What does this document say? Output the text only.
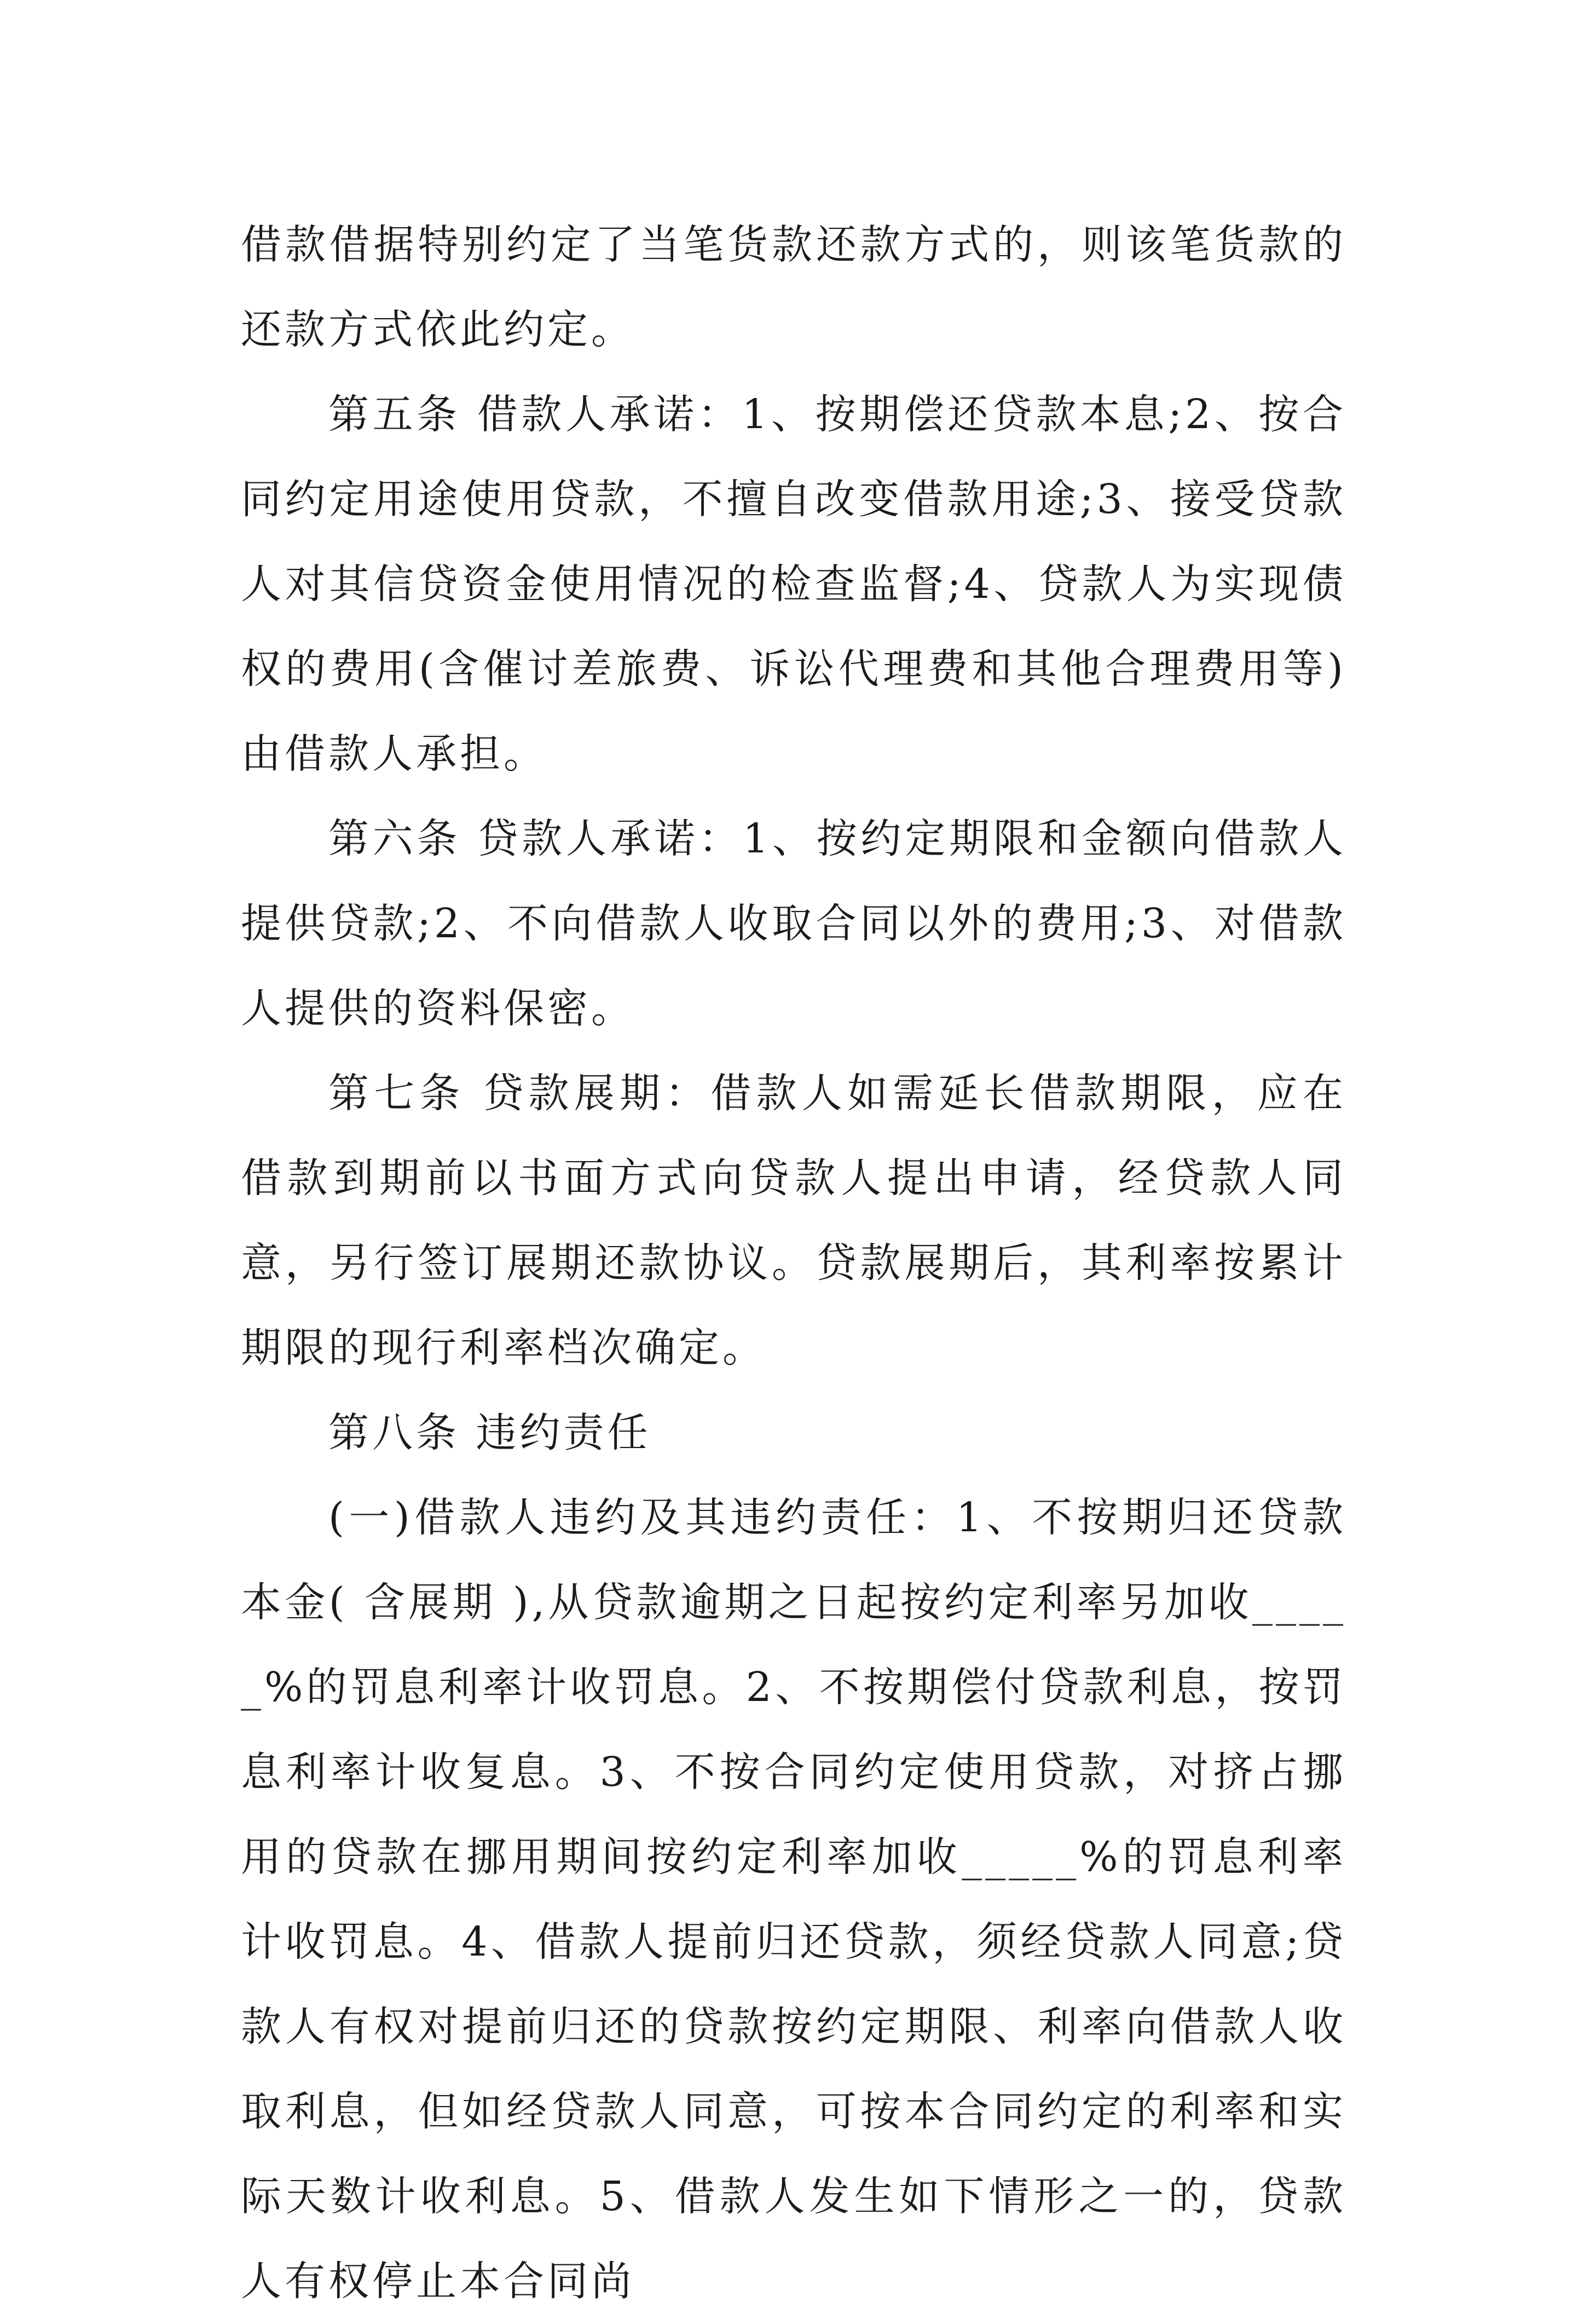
借款借据特别约定了当笔货款还款方式的，则该笔货款的还款方式依此约定。

第五条 借款人承诺：1、按期偿还贷款本息;2、按合同约定用途使用贷款，不擅自改变借款用途;3、接受贷款人对其信贷资金使用情况的检查监督;4、贷款人为实现债权的费用(含催讨差旅费、诉讼代理费和其他合理费用等)由借款人承担。

第六条 贷款人承诺：1、按约定期限和金额向借款人提供贷款;2、不向借款人收取合同以外的费用;3、对借款人提供的资料保密。

第七条 贷款展期：借款人如需延长借款期限，应在借款到期前以书面方式向贷款人提出申请，经贷款人同意，另行签订展期还款协议。贷款展期后，其利率按累计期限的现行利率档次确定。

第八条 违约责任

(一)借款人违约及其违约责任：1、不按期归还贷款本金( 含展期 ),从贷款逾期之日起按约定利率另加收_____%的罚息利率计收罚息。2、不按期偿付贷款利息，按罚息利率计收复息。3、不按合同约定使用贷款，对挤占挪用的贷款在挪用期间按约定利率加收_____%的罚息利率计收罚息。4、借款人提前归还贷款，须经贷款人同意;贷款人有权对提前归还的贷款按约定期限、利率向借款人收取利息，但如经贷款人同意，可按本合同约定的利率和实际天数计收利息。5、借款人发生如下情形之一的，贷款人有权停止本合同尚
